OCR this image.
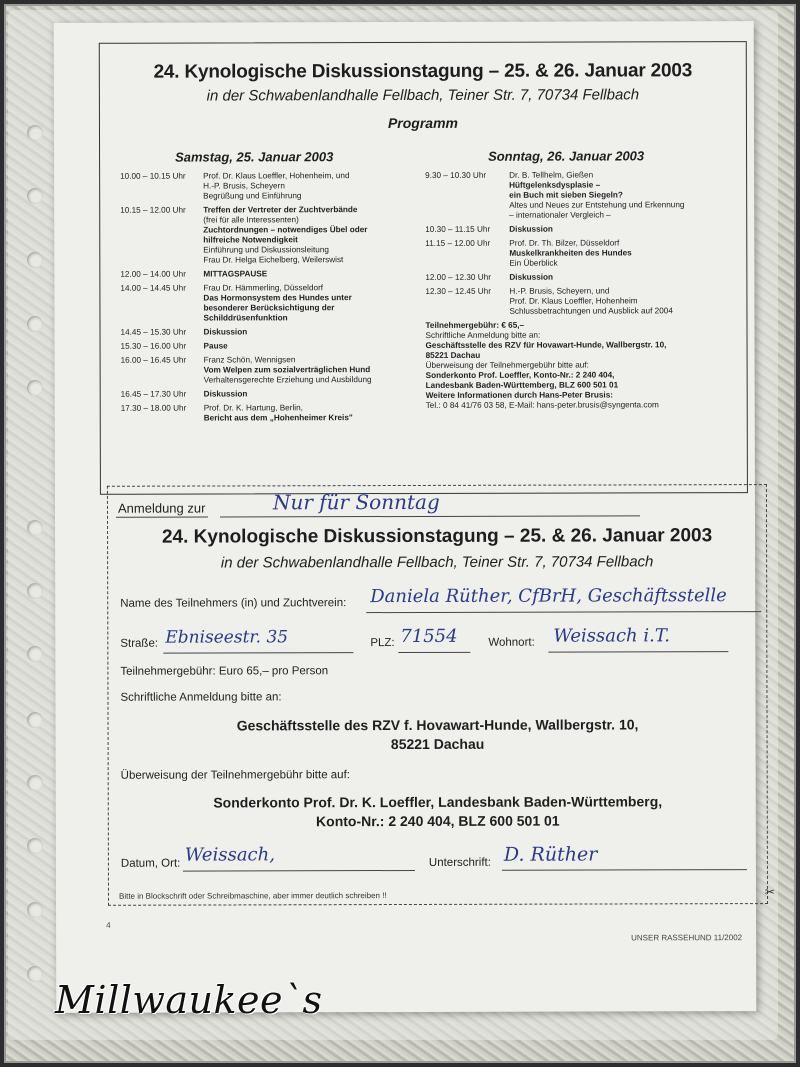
24. Kynologische Diskussionstagung – 25. & 26. Januar 2003
in der Schwabenlandhalle Fellbach, Teiner Str. 7, 70734 Fellbach
Programm
Samstag, 25. Januar 2003	Sonntag, 26. Januar 2003
10.00 – 10.15 Uhr	Prof. Dr. Klaus Loeffler, Hohenheim, und
H.-P. Brusis, Scheyern
Begrüßung und Einführung
10.15 – 12.00 Uhr	Treffen der Vertreter der Zuchtverbände
(frei für alle Interessenten)
Zuchtordnungen – notwendiges Übel oder
hilfreiche Notwendigkeit
Einführung und Diskussionsleitung
Frau Dr. Helga Eichelberg, Weilerswist
12.00 – 14.00 Uhr	MITTAGSPAUSE
14.00 – 14.45 Uhr	Frau Dr. Hämmerling, Düsseldorf
Das Hormonsystem des Hundes unter
besonderer Berücksichtigung der
Schilddrüsenfunktion
14.45 – 15.30 Uhr	Diskussion
15.30 – 16.00 Uhr	Pause
16.00 – 16.45 Uhr	Franz Schön, Wennigsen
Vom Welpen zum sozialverträglichen Hund
Verhaltensgerechte Erziehung und Ausbildung
16.45 – 17.30 Uhr	Diskussion
17.30 – 18.00 Uhr	Prof. Dr. K. Hartung, Berlin,
Bericht aus dem „Hohenheimer Kreis"
9.30 – 10.30 Uhr	Dr. B. Tellhelm, Gießen
Hüftgelenksdysplasie –
ein Buch mit sieben Siegeln?
Altes und Neues zur Entstehung und Erkennung
– internationaler Vergleich –
10.30 – 11.15 Uhr	Diskussion
11.15 – 12.00 Uhr	Prof. Dr. Th. Bilzer, Düsseldorf
Muskelkrankheiten des Hundes
Ein Überblick
12.00 – 12.30 Uhr	Diskussion
12.30 – 12.45 Uhr	H.-P. Brusis, Scheyern, und
Prof. Dr. Klaus Loeffler, Hohenheim
Schlussbetrachtungen und Ausblick auf 2004
Teilnehmergebühr: € 65,–
Schriftliche Anmeldung bitte an:
Geschäftsstelle des RZV für Hovawart-Hunde, Wallbergstr. 10,
85221 Dachau
Überweisung der Teilnehmergebühr bitte auf:
Sonderkonto Prof. Loeffler, Konto-Nr.: 2 240 404,
Landesbank Baden-Württemberg, BLZ 600 501 01
Weitere Informationen durch Hans-Peter Brusis:
Tel.: 0 84 41/76 03 58, E-Mail: hans-peter.brusis@syngenta.com
Anmeldung zur	Nur für Sonntag
24. Kynologische Diskussionstagung – 25. & 26. Januar 2003
in der Schwabenlandhalle Fellbach, Teiner Str. 7, 70734 Fellbach
Name des Teilnehmers (in) und Zuchtverein: Daniela Rüther, CfBrH, Geschäftsstelle
Straße: Ebniseestr. 35	PLZ: 71554	Wohnort: Weissach i.T.
Teilnehmergebühr: Euro 65,– pro Person
Schriftliche Anmeldung bitte an:
Geschäftsstelle des RZV f. Hovawart-Hunde, Wallbergstr. 10,
85221 Dachau
Überweisung der Teilnehmergebühr bitte auf:
Sonderkonto Prof. Dr. K. Loeffler, Landesbank Baden-Württemberg,
Konto-Nr.: 2 240 404, BLZ 600 501 01
Datum, Ort: Weissach,	Unterschrift: D. Rüther
Bitte in Blockschrift oder Schreibmaschine, aber immer deutlich schreiben !!	✂
4
UNSER RASSEHUND 11/2002
Millwaukee`s
